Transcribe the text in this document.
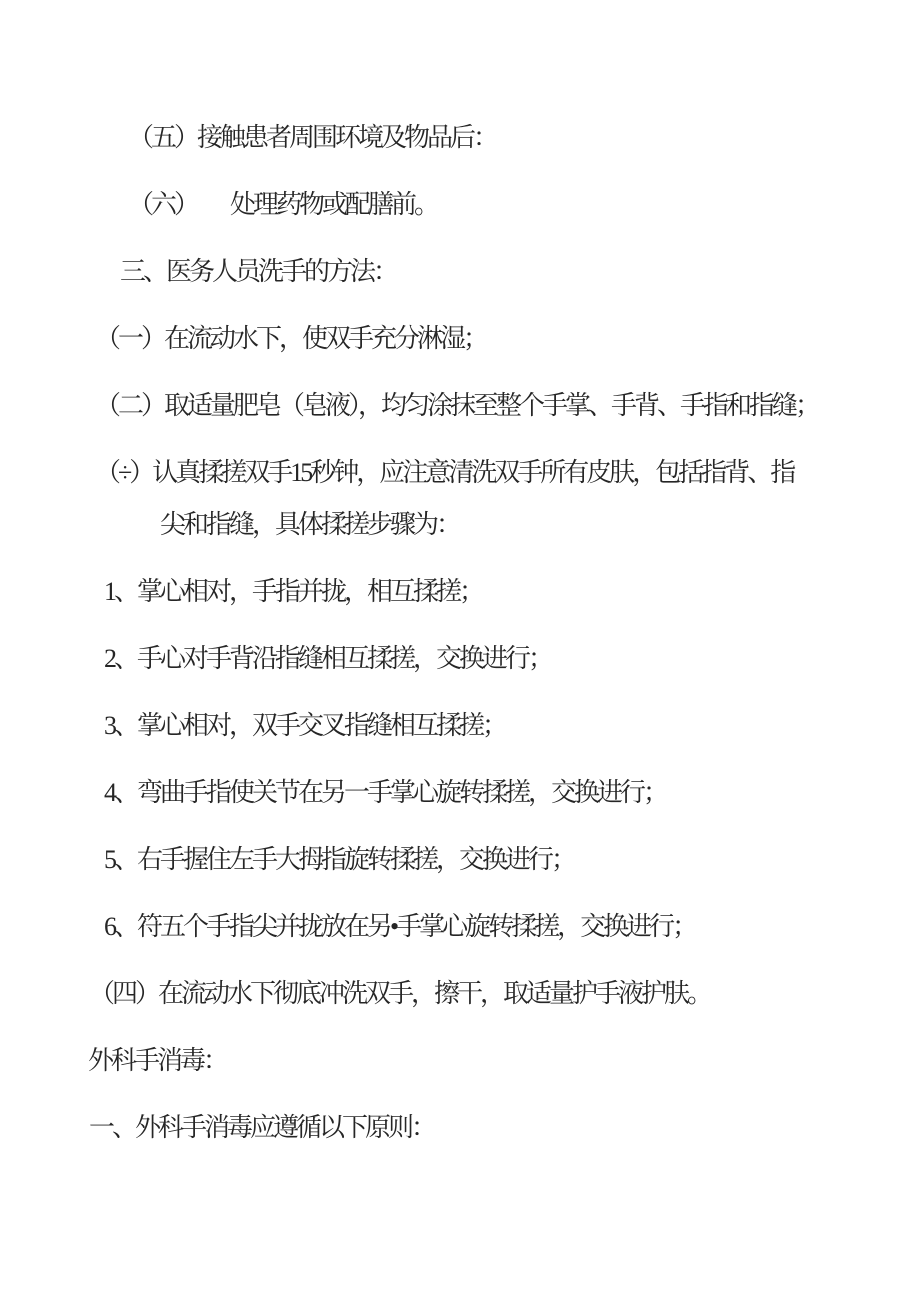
（五）接触患者周围环境及物品后：

（六）　　处理药物或配膳前。

三、医务人员洗手的方法：

（一）在流动水下，使双手充分淋湿；

（二）取适量肥皂（皂液），均匀涂抹至整个手掌、手背、手指和指缝；

（÷）认真揉搓双手15秒钟，应注意清洗双手所有皮肤，包括指背、指

尖和指缝，具体揉搓步骤为：

1、掌心相对，手指并拢，相互揉搓；

2、手心对手背沿指缝相互揉搓，交换进行；

3、掌心相对，双手交叉指缝相互揉搓；

4、弯曲手指使关节在另一手掌心旋转揉搓，交换进行；

5、右手握住左手大拇指旋转揉搓，交换进行；

6、符五个手指尖并拢放在另•手掌心旋转揉搓，交换进行；

（四）在流动水下彻底冲洗双手，擦干，取适量护手液护肤。

外科手消毒：

一、外科手消毒应遵循以下原则：
